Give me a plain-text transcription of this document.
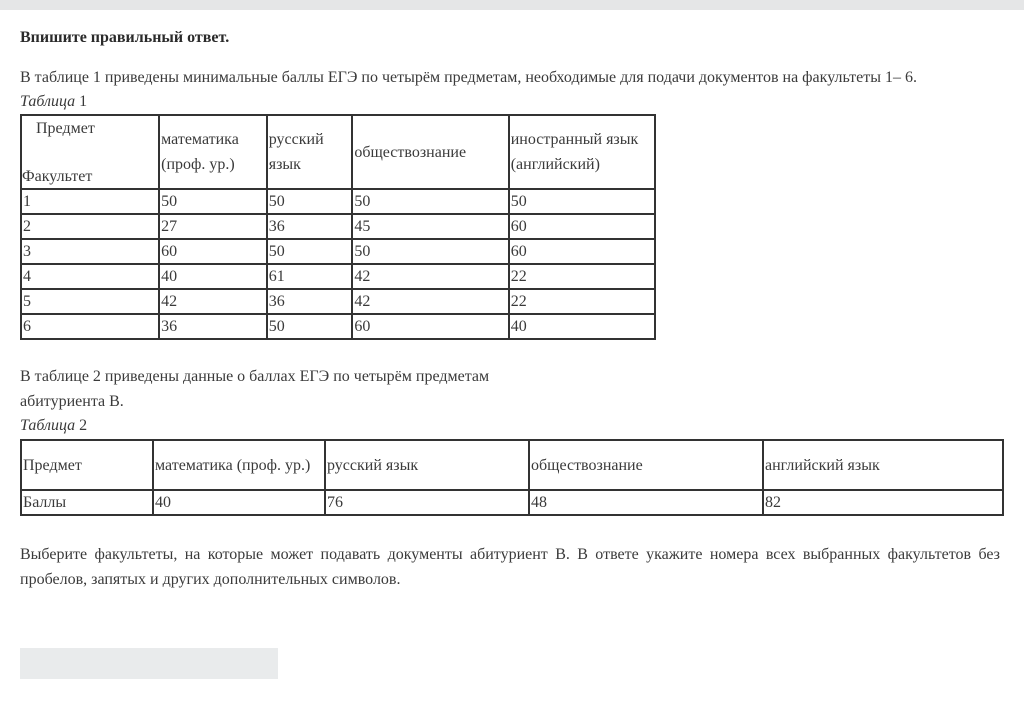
Впишите правильный ответ.

В таблице 1 приведены минимальные баллы ЕГЭ по четырём предметам, необходимые для подачи документов на факультеты 1– 6.

Таблица 1

Предмет
Факультет	математика (проф. ур.)	русский язык	обществознание	иностранный язык (английский)
1	50	50	50	50
2	27	36	45	60
3	60	50	50	60
4	40	61	42	22
5	42	36	42	22
6	36	50	60	40

В таблице 2 приведены данные о баллах ЕГЭ по четырём предметам
абитуриента В.

Таблица 2

Предмет	математика (проф. ур.)	русский язык	обществознание	английский язык
Баллы	40	76	48	82

Выберите факультеты, на которые может подавать документы абитуриент В. В ответе укажите номера всех выбранных факультетов без пробелов, запятых и других дополнительных символов.
